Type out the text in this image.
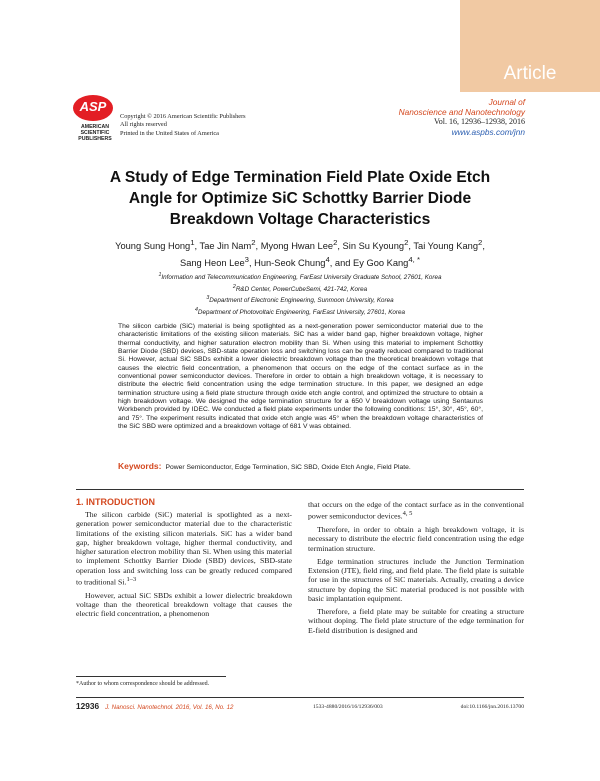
Article
ASP
AMERICAN
SCIENTIFIC
PUBLISHERS
Copyright © 2016 American Scientific Publishers
All rights reserved
Printed in the United States of America
Journal of
Nanoscience and Nanotechnology
Vol. 16, 12936–12938, 2016
www.aspbs.com/jnn
A Study of Edge Termination Field Plate Oxide Etch
Angle for Optimize SiC Schottky Barrier Diode
Breakdown Voltage Characteristics
Young Sung Hong$^1$, Tae Jin Nam$^2$, Myong Hwan Lee$^2$, Sin Su Kyoung$^2$, Tai Young Kang$^2$,
Sang Heon Lee$^3$, Hun-Seok Chung$^4$, and Ey Goo Kang$^{4, *}$
$^1$Information and Telecommunication Engineering, FarEast University Graduate School, 27601, Korea
$^2$R&D Center, PowerCubeSemi, 421-742, Korea
$^3$Department of Electronic Engineering, Sunmoon University, Korea
$^4$Department of Photovoltaic Engineering, FarEast University, 27601, Korea
The silicon carbide (SiC) material is being spotlighted as a next-generation power semiconductor material due to the characteristic limitations of the existing silicon materials. SiC has a wider band gap, higher breakdown voltage, higher thermal conductivity, and higher saturation electron mobility than Si. When using this material to implement Schottky Barrier Diode (SBD) devices, SBD-state operation loss and switching loss can be greatly reduced compared to traditional Si. However, actual SiC SBDs exhibit a lower dielectric breakdown voltage than the theoretical breakdown voltage that causes the electric field concentration, a phenomenon that occurs on the edge of the contact surface as in the conventional power semiconductor devices. Therefore in order to obtain a high breakdown voltage, it is necessary to distribute the electric field concentration using the edge termination structure. In this paper, we designed an edge termination structure using a field plate structure through oxide etch angle control, and optimized the structure to obtain a high breakdown voltage. We designed the edge termination structure for a 650 V breakdown voltage using Sentaurus Workbench provided by IDEC. We conducted a field plate experiments under the following conditions: 15°, 30°, 45°, 60°, and 75°. The experiment results indicated that oxide etch angle was 45° when the breakdown voltage characteristics of the SiC SBD were optimized and a breakdown voltage of 681 V was obtained.
Keywords: Power Semiconductor, Edge Termination, SiC SBD, Oxide Etch Angle, Field Plate.
1. INTRODUCTION

The silicon carbide (SiC) material is spotlighted as a next-generation power semiconductor material due to the characteristic limitations of the existing silicon materials. SiC has a wider band gap, higher breakdown voltage, higher thermal conductivity, and higher saturation electron mobility than Si. When using this material to implement Schottky Barrier Diode (SBD) devices, SBD-state operation loss and switching loss can be greatly reduced compared to traditional Si.$^{1-3}$

However, actual SiC SBDs exhibit a lower dielectric breakdown voltage than the theoretical breakdown voltage that causes the electric field concentration, a phenomenon

that occurs on the edge of the contact surface as in the conventional power semiconductor devices.$^{4, 5}$

Therefore, in order to obtain a high breakdown voltage, it is necessary to distribute the electric field concentration using the edge termination structure.

Edge termination structures include the Junction Termination Extension (JTE), field ring, and field plate. The field plate is suitable for use in the structures of SiC materials. Actually, creating a device structure by doping the SiC material produced is not possible with basic implantation equipment.

Therefore, a field plate may be suitable for creating a structure without doping. The field plate structure of the edge termination for E-field distribution is designed and

*Author to whom correspondence should be addressed.
12936 J. Nanosci. Nanotechnol. 2016, Vol. 16, No. 12	1533-4880/2016/16/12936/003	doi:10.1166/jnn.2016.13700
